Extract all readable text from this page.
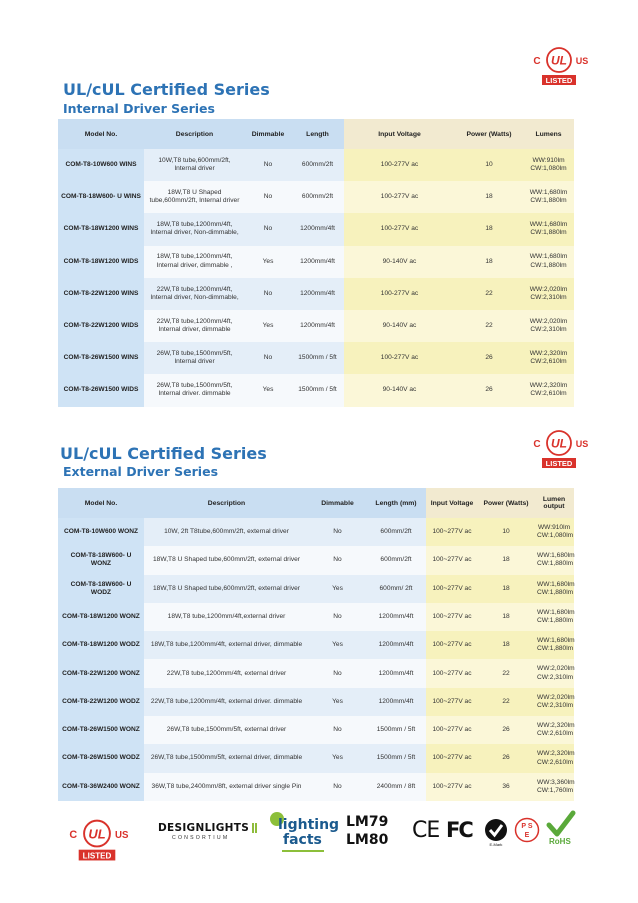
UL/cUL Certified Series
Internal Driver Series
UL
C	US
LISTED
Model No.	Description	Dimmable	Length	Input Voltage	Power (Watts)	Lumens
COM-T8-10W600 WINS	10W,T8 tube,600mm/2ft, Internal driver	No	600mm/2ft	100-277V ac	10	WW:910lm CW:1,080lm
COM-T8-18W600- U WINS	18W,T8 U Shaped tube,600mm/2ft, Internal driver	No	600mm/2ft	100-277V ac	18	WW:1,680lm CW:1,880lm
COM-T8-18W1200 WINS	18W,T8 tube,1200mm/4ft, Internal driver, Non-dimmable,	No	1200mm/4ft	100-277V ac	18	WW:1,680lm CW:1,880lm
COM-T8-18W1200 WIDS	18W,T8 tube,1200mm/4ft, Internal driver, dimmable ,	Yes	1200mm/4ft	90-140V ac	18	WW:1,680lm CW:1,880lm
COM-T8-22W1200 WINS	22W,T8 tube,1200mm/4ft, Internal driver, Non-dimmable,	No	1200mm/4ft	100-277V ac	22	WW:2,020lm CW:2,310lm
COM-T8-22W1200 WIDS	22W,T8 tube,1200mm/4ft, Internal driver, dimmable	Yes	1200mm/4ft	90-140V ac	22	WW:2,020lm CW:2,310lm
COM-T8-26W1500 WINS	26W,T8 tube,1500mm/5ft, Internal driver	No	1500mm / 5ft	100-277V ac	26	WW:2,320lm CW:2,610lm
COM-T8-26W1500 WIDS	26W,T8 tube,1500mm/5ft, Internal driver. dimmable	Yes	1500mm / 5ft	90-140V ac	26	WW:2,320lm CW:2,610lm
UL/cUL Certified Series
External Driver Series
UL
C	US
LISTED
Model No.	Description	Dimmable	Length (mm)	Input Voltage	Power (Watts)	Lumen output
COM-T8-10W600 WONZ	10W, 2ft T8tube,600mm/2ft, external driver	No	600mm/2ft	100~277V ac	10	WW:910lm CW:1,080lm
COM-T8-18W600- U WONZ	18W,T8 U Shaped tube,600mm/2ft, external driver	No	600mm/2ft	100~277V ac	18	WW:1,680lm CW:1,880lm
COM-T8-18W600- U WODZ	18W,T8 U Shaped tube,600mm/2ft, external driver	Yes	600mm/ 2ft	100~277V ac	18	WW:1,680lm CW:1,880lm
COM-T8-18W1200 WONZ	18W,T8 tube,1200mm/4ft,external driver	No	1200mm/4ft	100~277V ac	18	WW:1,680lm CW:1,880lm
COM-T8-18W1200 WODZ	18W,T8 tube,1200mm/4ft, external driver, dimmable	Yes	1200mm/4ft	100~277V ac	18	WW:1,680lm CW:1,880lm
COM-T8-22W1200 WONZ	22W,T8 tube,1200mm/4ft, external driver	No	1200mm/4ft	100~277V ac	22	WW:2,020lm CW:2,310lm
COM-T8-22W1200 WODZ	22W,T8 tube,1200mm/4ft, external driver. dimmable	Yes	1200mm/4ft	100~277V ac	22	WW:2,020lm CW:2,310lm
COM-T8-26W1500 WONZ	26W,T8 tube,1500mm/5ft, external driver	No	1500mm / 5ft	100~277V ac	26	WW:2,320lm CW:2,610lm
COM-T8-26W1500 WODZ	26W,T8 tube,1500mm/5ft, external driver, dimmable	Yes	1500mm / 5ft	100~277V ac	26	WW:2,320lm CW:2,610lm
COM-T8-36W2400 WONZ	36W,T8 tube,2400mm/8ft, external driver single Pin	No	2400mm / 8ft	100~277V ac	36	WW:3,360lm CW:1,760lm
UL
C	US
LISTED
DESIGNLIGHTS
CONSORTIUM
lighting
facts
LM79
LM80 CE FC
E-Mark
P S
E
RoHS
